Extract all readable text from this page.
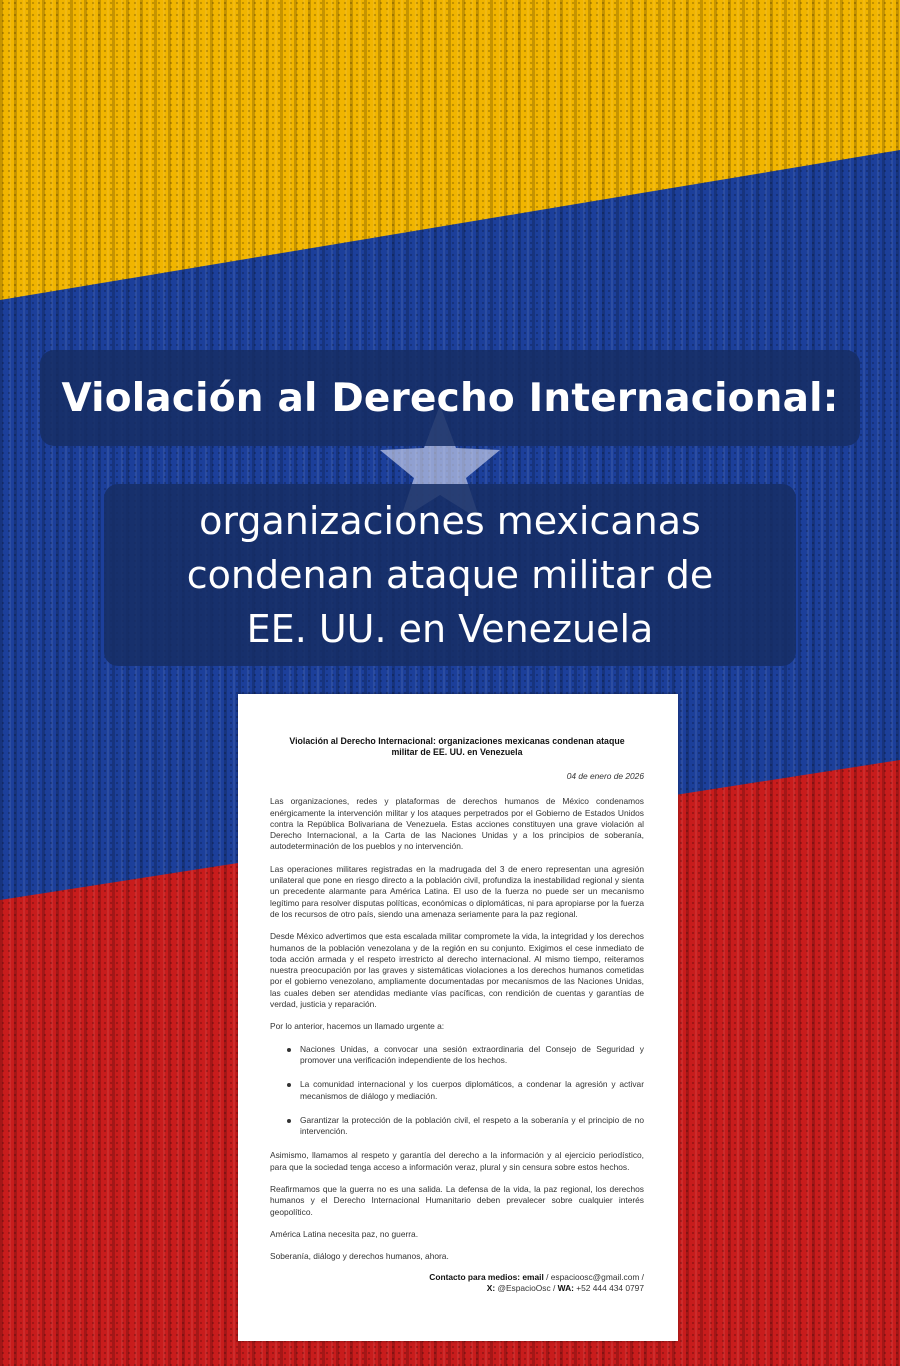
Violación al Derecho Internacional:
organizaciones mexicanas
condenan ataque militar de
EE. UU. en Venezuela
Violación al Derecho Internacional: organizaciones mexicanas condenan ataque militar de EE. UU. en Venezuela
04 de enero de 2026

Las organizaciones, redes y plataformas de derechos humanos de México condenamos enérgicamente la intervención militar y los ataques perpetrados por el Gobierno de Estados Unidos contra la República Bolivariana de Venezuela. Estas acciones constituyen una grave violación al Derecho Internacional, a la Carta de las Naciones Unidas y a los principios de soberanía, autodeterminación de los pueblos y no intervención.

Las operaciones militares registradas en la madrugada del 3 de enero representan una agresión unilateral que pone en riesgo directo a la población civil, profundiza la inestabilidad regional y sienta un precedente alarmante para América Latina. El uso de la fuerza no puede ser un mecanismo legítimo para resolver disputas políticas, económicas o diplomáticas, ni para apropiarse por la fuerza de los recursos de otro país, siendo una amenaza seriamente para la paz regional.

Desde México advertimos que esta escalada militar compromete la vida, la integridad y los derechos humanos de la población venezolana y de la región en su conjunto. Exigimos el cese inmediato de toda acción armada y el respeto irrestricto al derecho internacional. Al mismo tiempo, reiteramos nuestra preocupación por las graves y sistemáticas violaciones a los derechos humanos cometidas por el gobierno venezolano, ampliamente documentadas por mecanismos de las Naciones Unidas, las cuales deben ser atendidas mediante vías pacíficas, con rendición de cuentas y garantías de verdad, justicia y reparación.

Por lo anterior, hacemos un llamado urgente a:

Naciones Unidas, a convocar una sesión extraordinaria del Consejo de Seguridad y promover una verificación independiente de los hechos.
La comunidad internacional y los cuerpos diplomáticos, a condenar la agresión y activar mecanismos de diálogo y mediación.
Garantizar la protección de la población civil, el respeto a la soberanía y el principio de no intervención.

Asimismo, llamamos al respeto y garantía del derecho a la información y al ejercicio periodístico, para que la sociedad tenga acceso a información veraz, plural y sin censura sobre estos hechos.

Reafirmamos que la guerra no es una salida. La defensa de la vida, la paz regional, los derechos humanos y el Derecho Internacional Humanitario deben prevalecer sobre cualquier interés geopolítico.

América Latina necesita paz, no guerra.

Soberanía, diálogo y derechos humanos, ahora.

Contacto para medios: email / espacioosc@gmail.com /
X: @EspacioOsc / WA: +52 444 434 0797
